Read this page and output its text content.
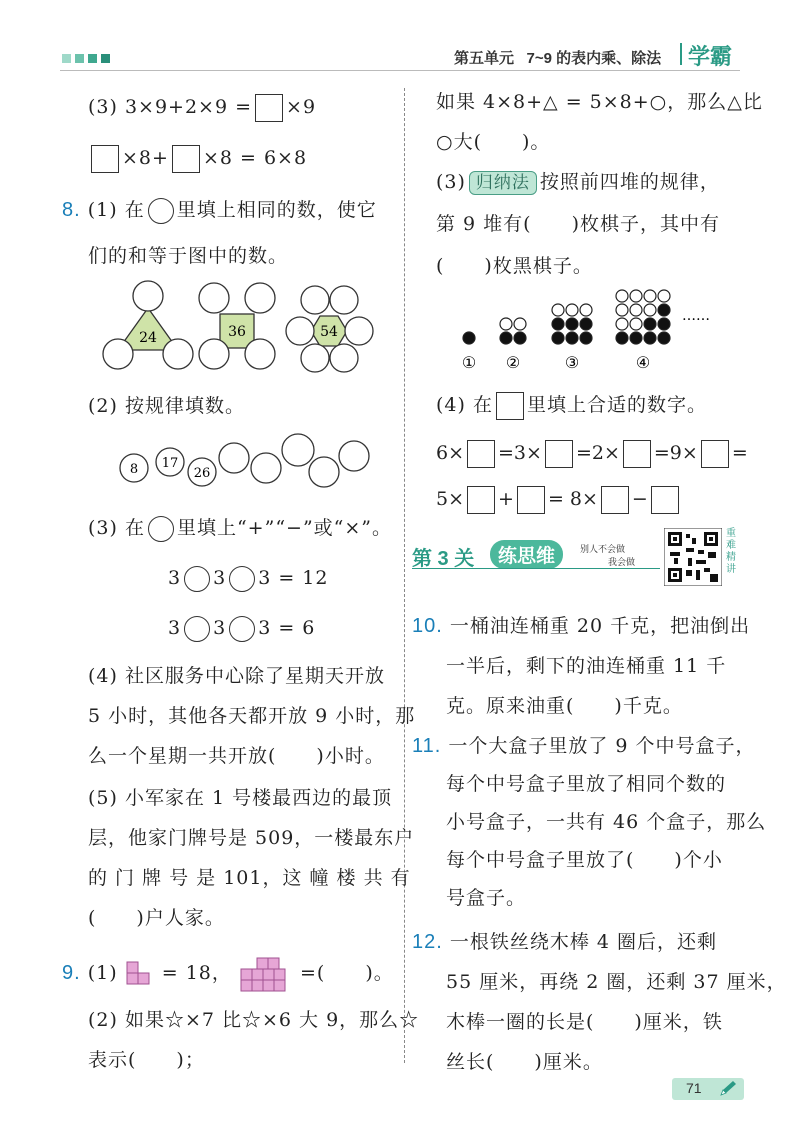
第五单元 7~9 的表内乘、除法 学霸
(3) 3×9+2×9 = ×9
×8+ ×8 = 6×8
8. (1) 在 里填上相同的数，使它
们的和等于图中的数。
24	36	54
(2) 按规律填数。
8 17
26
(3) 在 里填上“+”“−”或“×”。
3 3 3 = 12
3 3 3 = 6
(4) 社区服务中心除了星期天开放
5 小时，其他各天都开放 9 小时，那
么一个星期一共开放(　　)小时。
(5) 小军家在 1 号楼最西边的最顶
层，他家门牌号是 509，一楼最东户
的 门 牌 号 是 101，这 幢 楼 共 有
(　　)户人家。
9. (1) = 18，	=(　　)。
(2) 如果☆×7 比☆×6 大 9，那么☆
表示(　　)；
如果 4×8+△ = 5×8+○，那么△比
○大(　　)。
(3) 归纳法 按照前四堆的规律，
第 9 堆有(　　)枚棋子，其中有
(　　)枚黑棋子。
……
① ②	③	④
(4) 在 里填上合适的数字。
6× =3× =2× =9× =
5× + = 8× −
第 3 关	练思维	别人不会做
我会做
重难精讲
10. 一桶油连桶重 20 千克，把油倒出
一半后，剩下的油连桶重 11 千
克。原来油重(　　)千克。
11. 一个大盒子里放了 9 个中号盒子，
每个中号盒子里放了相同个数的
小号盒子，一共有 46 个盒子，那么
每个中号盒子里放了(　　)个小
号盒子。
12. 一根铁丝绕木棒 4 圈后，还剩
55 厘米，再绕 2 圈，还剩 37 厘米，
木棒一圈的长是(　　)厘米，铁
丝长(　　)厘米。
71
